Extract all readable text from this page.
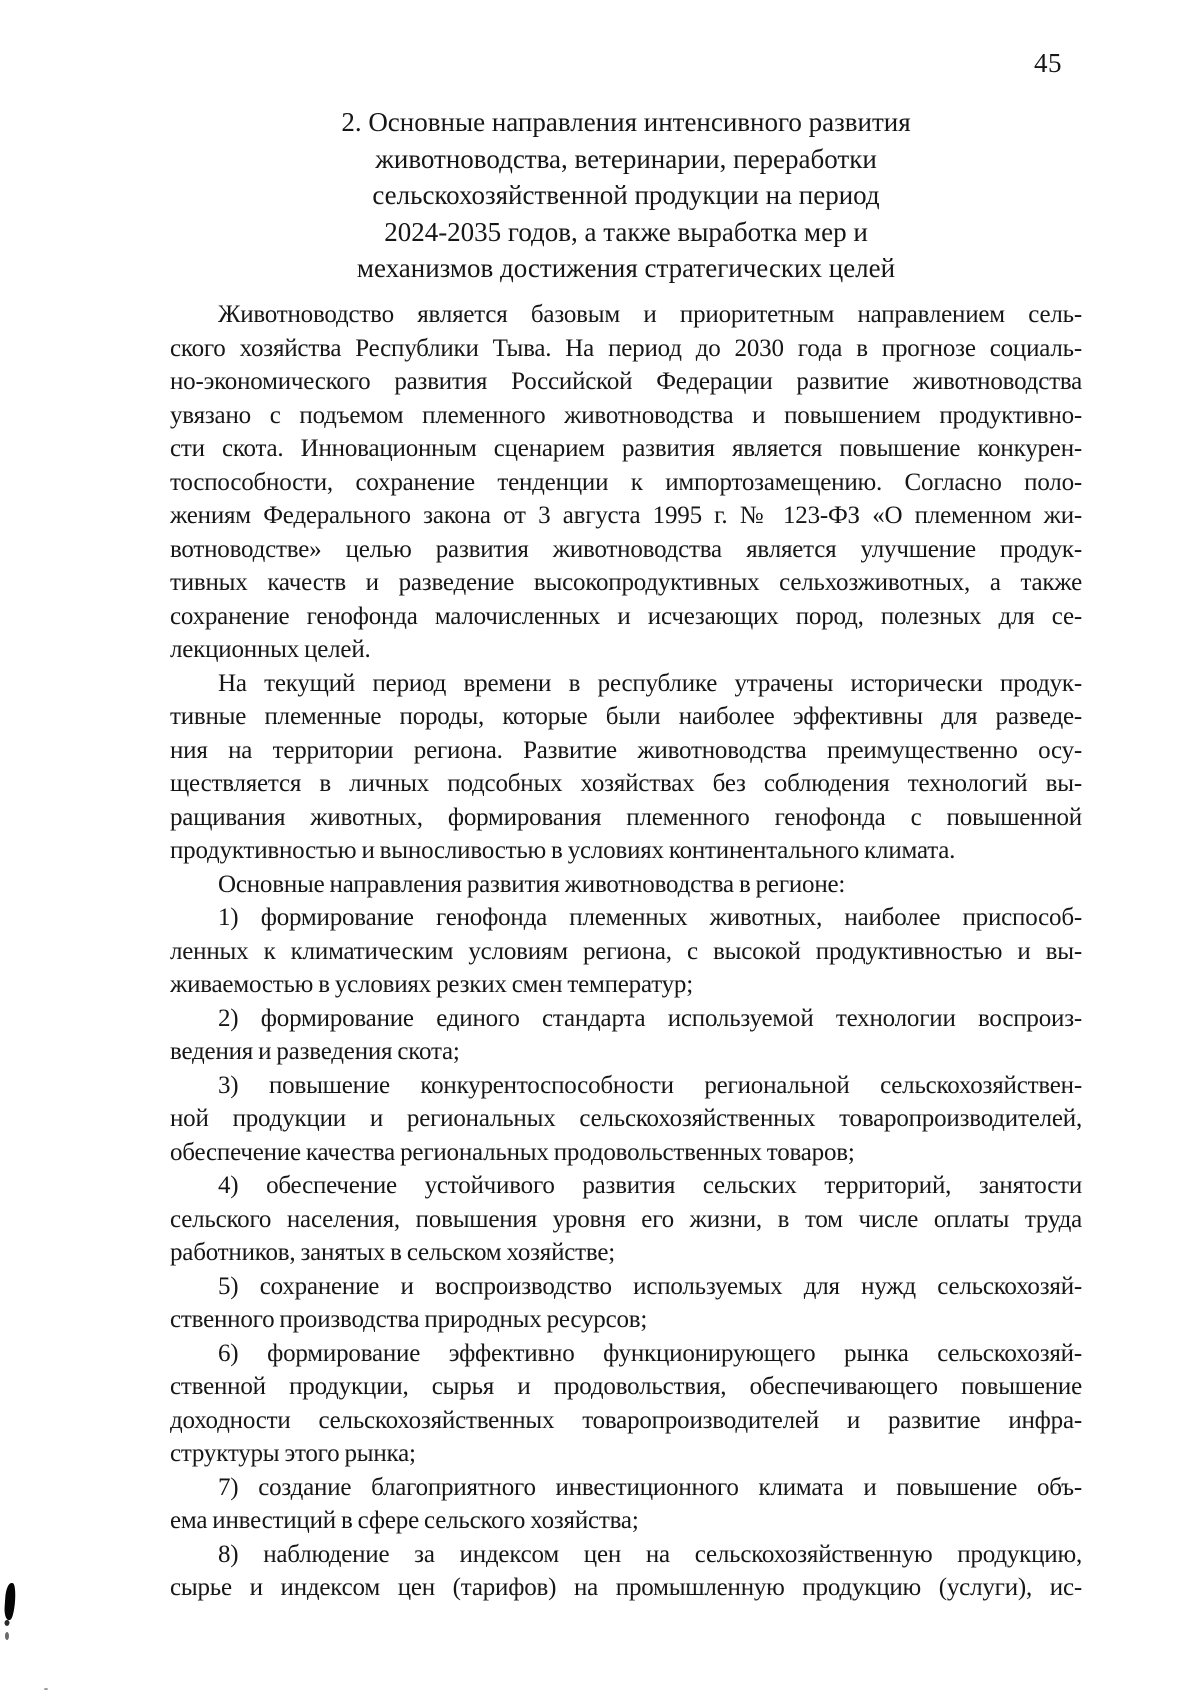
45
2. Основные направления интенсивного развития
животноводства, ветеринарии, переработки
сельскохозяйственной продукции на период
2024-2035 годов, а также выработка мер и
механизмов достижения стратегических целей
Животноводство является базовым и приоритетным направлением сель-
ского хозяйства Республики Тыва. На период до 2030 года в прогнозе социаль-
но-экономического развития Российской Федерации развитие животноводства
увязано с подъемом племенного животноводства и повышением продуктивно-
сти скота. Инновационным сценарием развития является повышение конкурен-
тоспособности, сохранение тенденции к импортозамещению. Согласно поло-
жениям Федерального закона от 3 августа 1995 г. № 123-ФЗ «О племенном жи-
вотноводстве» целью развития животноводства является улучшение продук-
тивных качеств и разведение высокопродуктивных сельхозживотных, а также
сохранение генофонда малочисленных и исчезающих пород, полезных для се-
лекционных целей.
На текущий период времени в республике утрачены исторически продук-
тивные племенные породы, которые были наиболее эффективны для разведе-
ния на территории региона. Развитие животноводства преимущественно осу-
ществляется в личных подсобных хозяйствах без соблюдения технологий вы-
ращивания животных, формирования племенного генофонда с повышенной
продуктивностью и выносливостью в условиях континентального климата.
Основные направления развития животноводства в регионе:
1) формирование генофонда племенных животных, наиболее приспособ-
ленных к климатическим условиям региона, с высокой продуктивностью и вы-
живаемостью в условиях резких смен температур;
2) формирование единого стандарта используемой технологии воспроиз-
ведения и разведения скота;
3) повышение конкурентоспособности региональной сельскохозяйствен-
ной продукции и региональных сельскохозяйственных товаропроизводителей,
обеспечение качества региональных продовольственных товаров;
4) обеспечение устойчивого развития сельских территорий, занятости
сельского населения, повышения уровня его жизни, в том числе оплаты труда
работников, занятых в сельском хозяйстве;
5) сохранение и воспроизводство используемых для нужд сельскохозяй-
ственного производства природных ресурсов;
6) формирование эффективно функционирующего рынка сельскохозяй-
ственной продукции, сырья и продовольствия, обеспечивающего повышение
доходности сельскохозяйственных товаропроизводителей и развитие инфра-
структуры этого рынка;
7) создание благоприятного инвестиционного климата и повышение объ-
ема инвестиций в сфере сельского хозяйства;
8) наблюдение за индексом цен на сельскохозяйственную продукцию,
сырье и индексом цен (тарифов) на промышленную продукцию (услуги), ис-
